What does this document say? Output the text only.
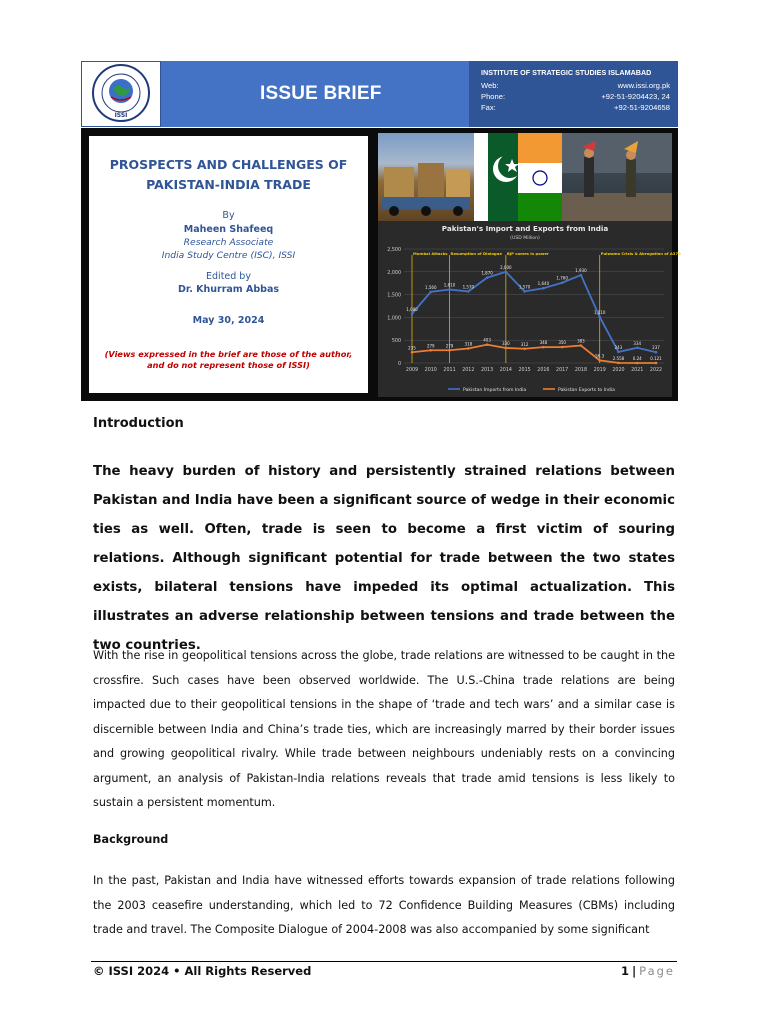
ISSI
ISSUE BRIEF
INSTITUTE OF STRATEGIC STUDIES ISLAMABAD
Web:	www.issi.org.pk
Phone:	+92-51-9204423, 24
Fax:	+92-51-9204658
PROSPECTS AND CHALLENGES OF
PAKISTAN-INDIA TRADE
By
Maheen Shafeeq
Research Associate
India Study Centre (ISC), ISSI
Edited by
Dr. Khurram Abbas
May 30, 2024
(Views expressed in the brief are those of the author, and do not represent those of ISSI)
Pakistan's Import and Exports from India
(USD Million)
0
500
1,000
1,500
2,000
2,500
2009 2010 2011 2012 2013 2014 2015 2016 2017 2018 2019 2020 2021 2022
Mumbai Attacks Resumption of Dialogue BJP comes in power	Pulwama Crisis & Abrogation of A370
1,080
1,560 1,610 1,570
1,870
2,000
1,570
1,640
1,760
1,930
1,010
243
334
237
235	279	279	318
403
330	312	348	350	383
56.3 2.558 0.24 0.121
Pakistan Imports from India	Pakistan Exports to India
Introduction
The heavy burden of history and persistently strained relations between Pakistan and India have been a significant source of wedge in their economic ties as well. Often, trade is seen to become a first victim of souring relations. Although significant potential for trade between the two states exists, bilateral tensions have impeded its optimal actualization. This illustrates an adverse relationship between tensions and trade between the two countries.
With the rise in geopolitical tensions across the globe, trade relations are witnessed to be caught in the crossfire. Such cases have been observed worldwide. The U.S.-China trade relations are being impacted due to their geopolitical tensions in the shape of ‘trade and tech wars’ and a similar case is discernible between India and China’s trade ties, which are increasingly marred by their border issues and growing geopolitical rivalry. While trade between neighbours undeniably rests on a convincing argument, an analysis of Pakistan-India relations reveals that trade amid tensions is less likely to sustain a persistent momentum.
Background
In the past, Pakistan and India have witnessed efforts towards expansion of trade relations following the 2003 ceasefire understanding, which led to 72 Confidence Building Measures (CBMs) including trade and travel. The Composite Dialogue of 2004-2008 was also accompanied by some significant
© ISSI 2024 • All Rights Reserved	1 | Page
